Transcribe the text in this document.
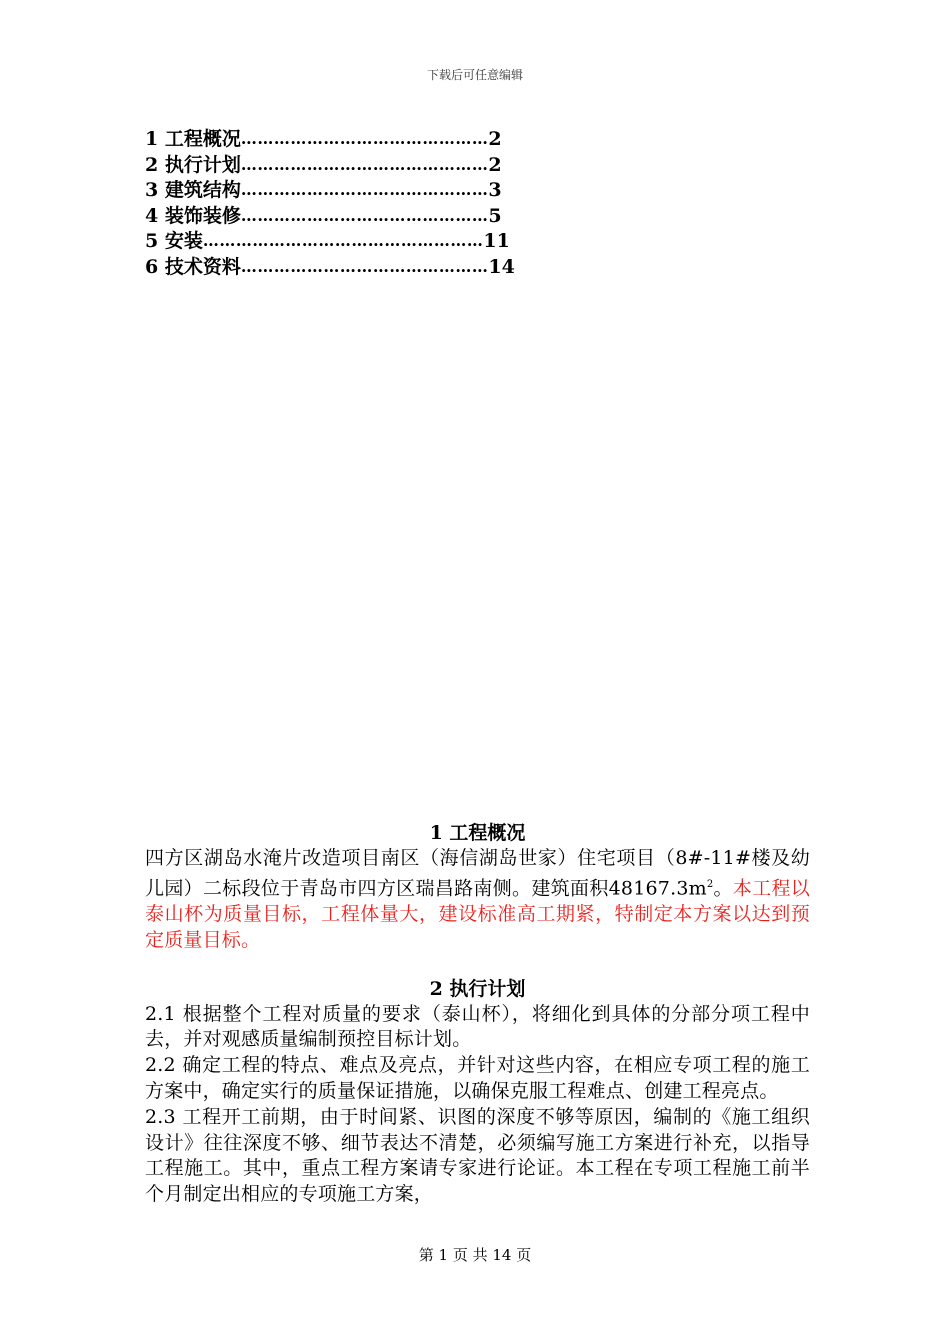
下载后可任意编辑
1 工程概况………………………………………2
2 执行计划………………………………………2
3 建筑结构………………………………………3
4 装饰装修………………………………………5
5 安装……………………………………………11
6 技术资料………………………………………14
1 工程概况

四方区湖岛水淹片改造项目南区（海信湖岛世家）住宅项目（8#-11#楼及幼儿园）二标段位于青岛市四方区瑞昌路南侧。建筑面积$48167.3m^2$。本工程以泰山杯为质量目标，工程体量大，建设标准高工期紧，特制定本方案以达到预定质量目标。

2 执行计划

2.1 根据整个工程对质量的要求（泰山杯），将细化到具体的分部分项工程中去，并对观感质量编制预控目标计划。

2.2 确定工程的特点、难点及亮点，并针对这些内容，在相应专项工程的施工方案中，确定实行的质量保证措施，以确保克服工程难点、创建工程亮点。

2.3 工程开工前期，由于时间紧、识图的深度不够等原因，编制的《施工组织设计》往往深度不够、细节表达不清楚，必须编写施工方案进行补充，以指导工程施工。其中，重点工程方案请专家进行论证。本工程在专项工程施工前半个月制定出相应的专项施工方案，

第 1 页 共 14 页
